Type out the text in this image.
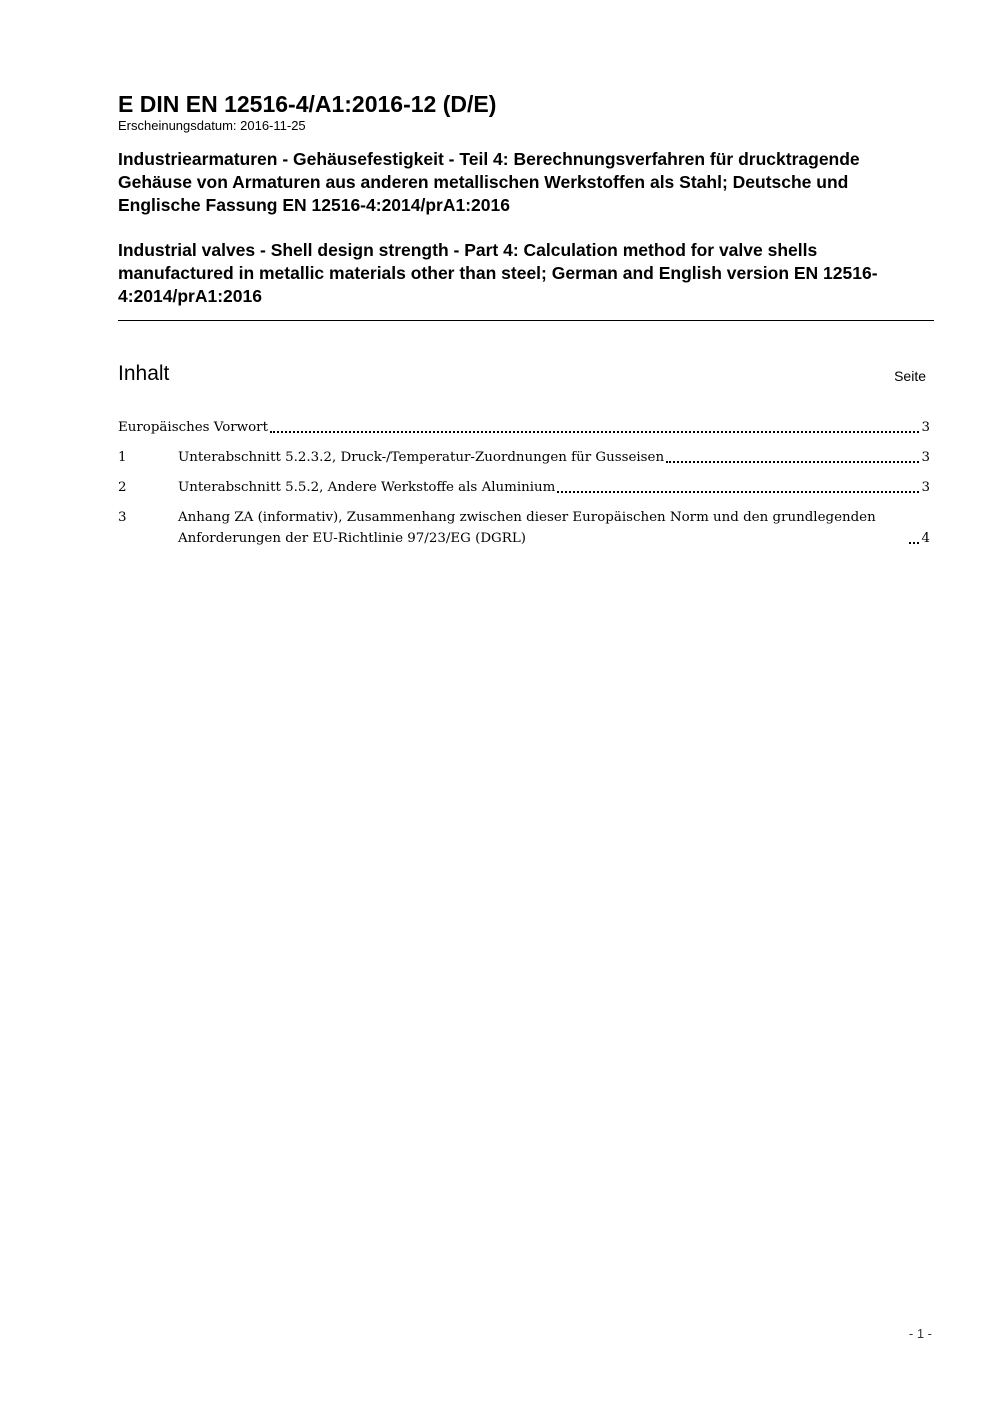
E DIN EN 12516-4/A1:2016-12 (D/E)

Erscheinungsdatum: 2016-11-25

Industriearmaturen - Gehäusefestigkeit - Teil 4: Berechnungsverfahren für drucktragende Gehäuse von Armaturen aus anderen metallischen Werkstoffen als Stahl; Deutsche und Englische Fassung EN 12516-4:2014/prA1:2016

Industrial valves - Shell design strength - Part 4: Calculation method for valve shells manufactured in metallic materials other than steel; German and English version EN 12516-4:2014/prA1:2016

Inhalt	Seite
Europäisches Vorwort	3
1	Unterabschnitt 5.2.3.2, Druck-/Temperatur-Zuordnungen für Gusseisen	3
2	Unterabschnitt 5.5.2, Andere Werkstoffe als Aluminium	3
3	Anhang ZA (informativ), Zusammenhang zwischen dieser Europäischen Norm und den grundlegenden Anforderungen der EU-Richtlinie 97/23/EG (DGRL)	4
- 1 -
